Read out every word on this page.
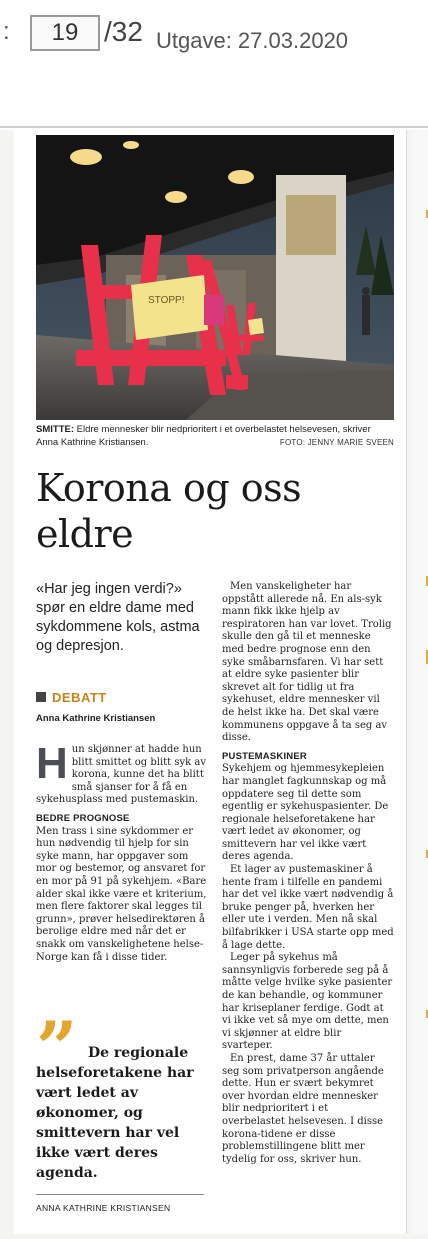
:	19 /32 Utgave: 27.03.2020
STOPP!
SMITTE: Eldre mennesker blir nedprioritert i et overbelastet helsevesen, skriver Anna Kathrine Kristiansen.	FOTO: JENNY MARIE SVEEN
Korona og oss eldre
«Har jeg ingen verdi?» spør en eldre dame med sykdommene kols, astma og depresjon.
DEBATT
Anna Kathrine Kristiansen
H un skjønner at hadde hun blitt smittet og blitt syk av korona, kunne det ha blitt små sjanser for å få en sykehusplass med pustemaskin.

BEDRE PROGNOSE

Men trass i sine sykdommer er hun nødvendig til hjelp for sin syke mann, har oppgaver som mor og bestemor, og ansvaret for en mor på 91 på sykehjem. «Bare alder skal ikke være et kriterium, men flere faktorer skal legges til grunn», prøver helsedirektøren å berolige eldre med når det er snakk om vanskelighetene helse-Norge kan få i disse tider.

”	De regionale helseforetakene har vært ledet av økonomer, og smittevern har vel ikke vært deres agenda.
ANNA KATHRINE KRISTIANSEN

Men vanskeligheter har oppstått allerede nå. En als-syk mann fikk ikke hjelp av respiratoren han var lovet. Trolig skulle den gå til et menneske med bedre prognose enn den syke småbarnsfaren. Vi har sett at eldre syke pasienter blir skrevet alt for tidlig ut fra sykehuset, eldre mennesker vil de helst ikke ha. Det skal være kommunens oppgave å ta seg av disse.

PUSTEMASKINER

Sykehjem og hjemmesykepleien har manglet fagkunnskap og må oppdatere seg til dette som egentlig er sykehuspasienter. De regionale helseforetakene har vært ledet av økonomer, og smittevern har vel ikke vært deres agenda.

Et lager av pustemaskiner å hente fram i tilfelle en pandemi har det vel ikke vært nødvendig å bruke penger på, hverken her eller ute i verden. Men nå skal bilfabrikker i USA starte opp med å lage dette.

Leger på sykehus må sannsynligvis forberede seg på å måtte velge hvilke syke pasienter de kan behandle, og kommuner har kriseplaner ferdige. Godt at vi ikke vet så mye om dette, men vi skjønner at eldre blir svarteper.

En prest, dame 37 år uttaler seg som privatperson angående dette. Hun er svært bekymret over hvordan eldre mennesker blir nedprioritert i et overbelastet helsevesen. I disse korona-tidene er disse problemstillingene blitt mer tydelig for oss, skriver hun.
